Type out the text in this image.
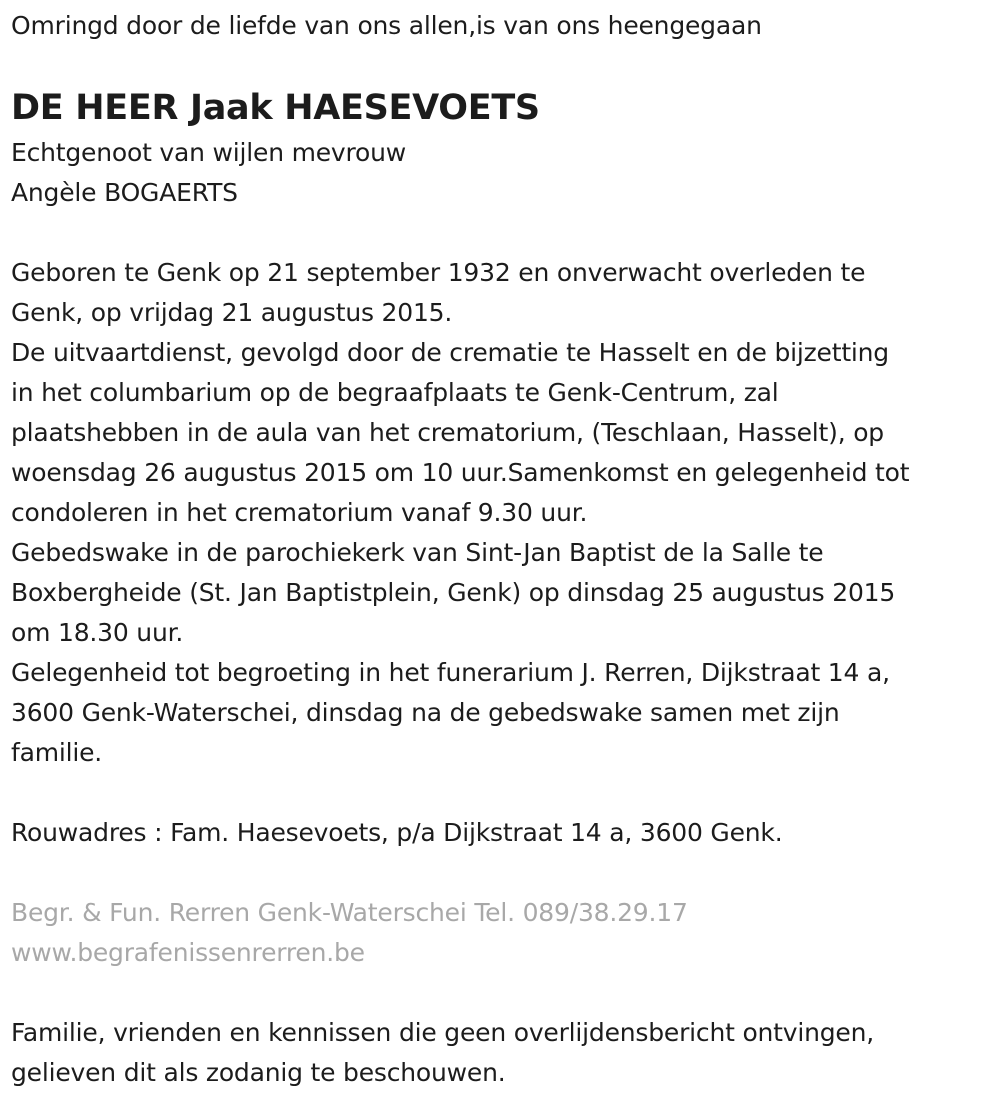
Omringd door de liefde van ons allen,is van ons heengegaan
DE HEER Jaak HAESEVOETS
Echtgenoot van wijlen mevrouw
Angèle BOGAERTS
Geboren te Genk op 21 september 1932 en onverwacht overleden te
Genk, op vrijdag 21 augustus 2015.
De uitvaartdienst, gevolgd door de crematie te Hasselt en de bijzetting
in het columbarium op de begraafplaats te Genk-Centrum, zal
plaatshebben in de aula van het crematorium, (Teschlaan, Hasselt), op
woensdag 26 augustus 2015 om 10 uur.Samenkomst en gelegenheid tot
condoleren in het crematorium vanaf 9.30 uur.
Gebedswake in de parochiekerk van Sint-Jan Baptist de la Salle te
Boxbergheide (St. Jan Baptistplein, Genk) op dinsdag 25 augustus 2015
om 18.30 uur.
Gelegenheid tot begroeting in het funerarium J. Rerren, Dijkstraat 14 a,
3600 Genk-Waterschei, dinsdag na de gebedswake samen met zijn
familie.
Rouwadres : Fam. Haesevoets, p/a Dijkstraat 14 a, 3600 Genk.
Begr. & Fun. Rerren Genk-Waterschei Tel. 089/38.29.17
www.begrafenissenrerren.be
Familie, vrienden en kennissen die geen overlijdensbericht ontvingen,
gelieven dit als zodanig te beschouwen.
